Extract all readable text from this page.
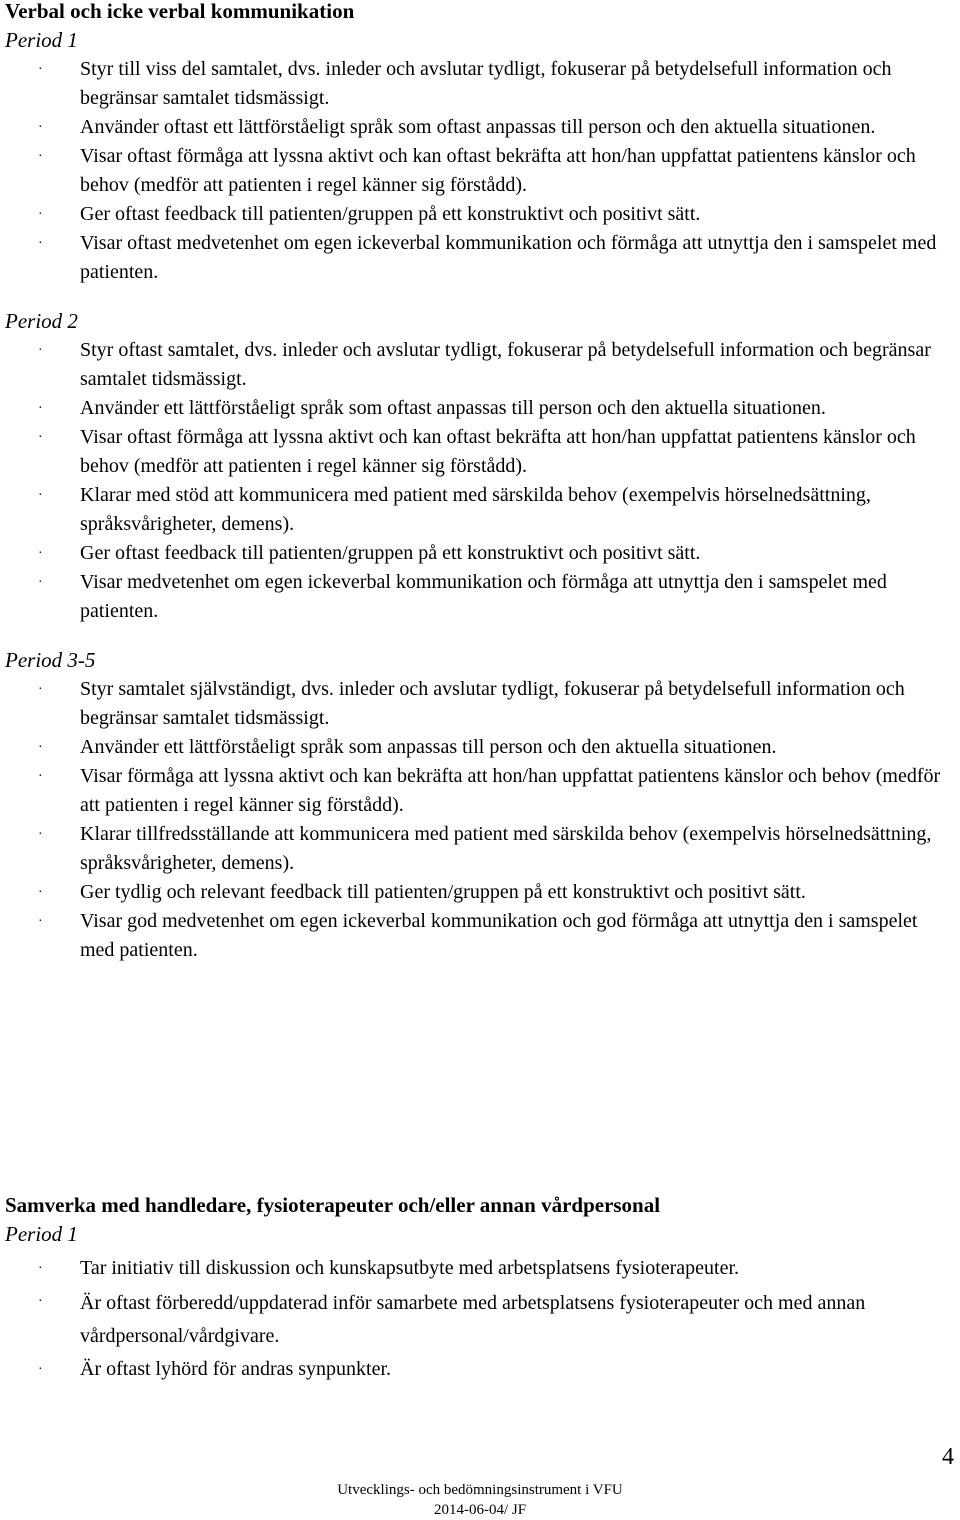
Verbal och icke verbal kommunikation

Period 1

· Styr till viss del samtalet, dvs. inleder och avslutar tydligt, fokuserar på betydelsefull information och begränsar samtalet tidsmässigt.
· Använder oftast ett lättförståeligt språk som oftast anpassas till person och den aktuella situationen.
· Visar oftast förmåga att lyssna aktivt och kan oftast bekräfta att hon/han uppfattat patientens känslor och behov (medför att patienten i regel känner sig förstådd).
· Ger oftast feedback till patienten/gruppen på ett konstruktivt och positivt sätt.
· Visar oftast medvetenhet om egen ickeverbal kommunikation och förmåga att utnyttja den i samspelet med patienten.

Period 2

· Styr oftast samtalet, dvs. inleder och avslutar tydligt, fokuserar på betydelsefull information och begränsar samtalet tidsmässigt.
· Använder ett lättförståeligt språk som oftast anpassas till person och den aktuella situationen.
· Visar oftast förmåga att lyssna aktivt och kan oftast bekräfta att hon/han uppfattat patientens känslor och behov (medför att patienten i regel känner sig förstådd).
· Klarar med stöd att kommunicera med patient med särskilda behov (exempelvis hörselnedsättning, språksvårigheter, demens).
· Ger oftast feedback till patienten/gruppen på ett konstruktivt och positivt sätt.
· Visar medvetenhet om egen ickeverbal kommunikation och förmåga att utnyttja den i samspelet med patienten.

Period 3-5

· Styr samtalet självständigt, dvs. inleder och avslutar tydligt, fokuserar på betydelsefull information och begränsar samtalet tidsmässigt.
· Använder ett lättförståeligt språk som anpassas till person och den aktuella situationen.
· Visar förmåga att lyssna aktivt och kan bekräfta att hon/han uppfattat patientens känslor och behov (medför att patienten i regel känner sig förstådd).
· Klarar tillfredsställande att kommunicera med patient med särskilda behov (exempelvis hörselnedsättning, språksvårigheter, demens).
· Ger tydlig och relevant feedback till patienten/gruppen på ett konstruktivt och positivt sätt.
· Visar god medvetenhet om egen ickeverbal kommunikation och god förmåga att utnyttja den i samspelet med patienten.
Samverka med handledare, fysioterapeuter och/eller annan vårdpersonal

Period 1

· Tar initiativ till diskussion och kunskapsutbyte med arbetsplatsens fysioterapeuter.
· Är oftast förberedd/uppdaterad inför samarbete med arbetsplatsens fysioterapeuter och med annan vårdpersonal/vårdgivare.
· Är oftast lyhörd för andras synpunkter.
4
Utvecklings- och bedömningsinstrument i VFU
2014-06-04/ JF
